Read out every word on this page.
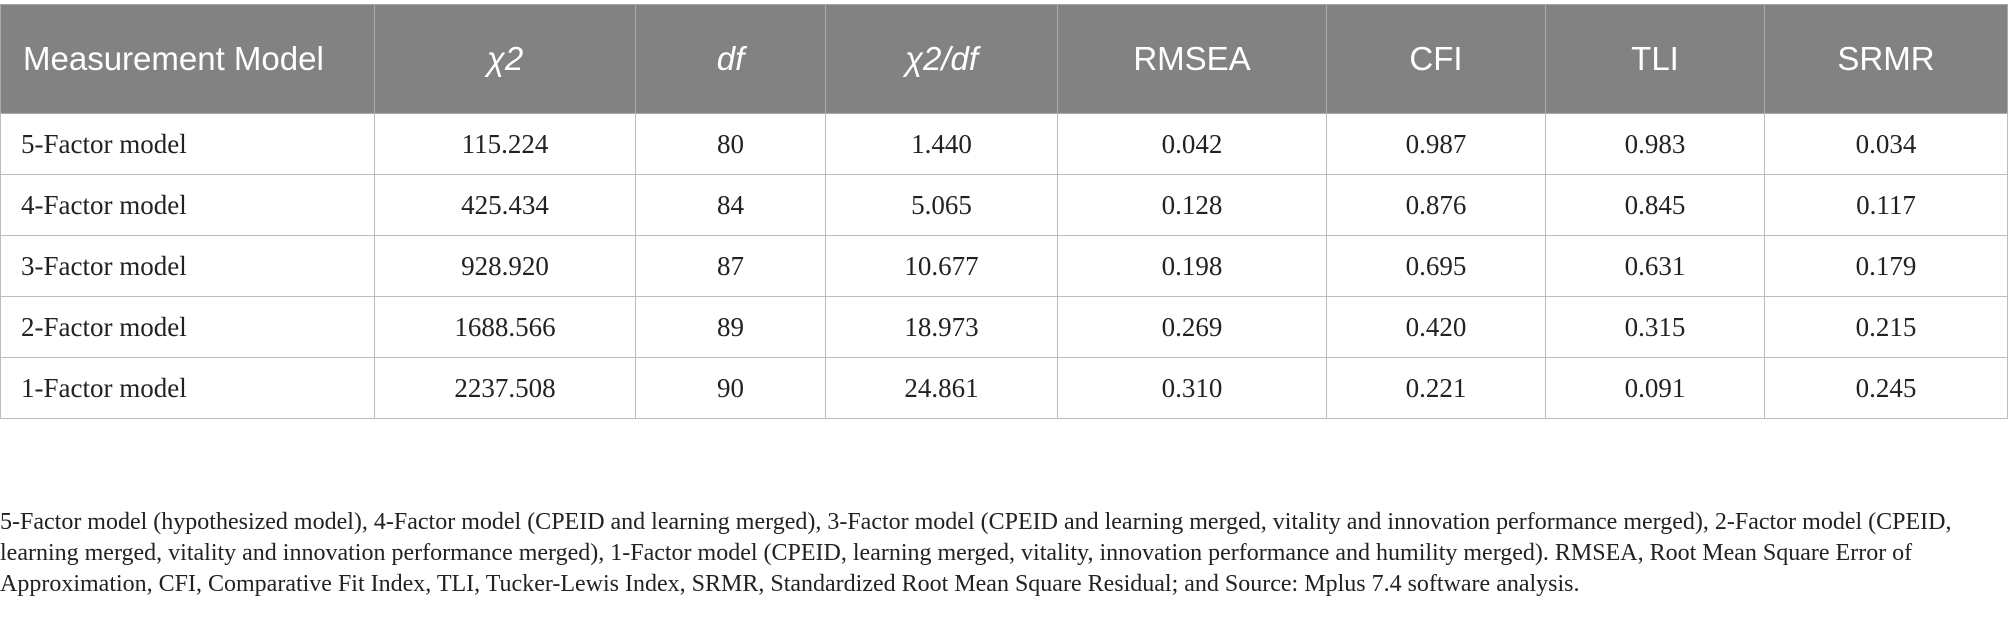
Measurement Model	χ2	df	χ2/df	RMSEA	CFI	TLI	SRMR
5-Factor model	115.224	80	1.440	0.042	0.987	0.983	0.034
4-Factor model	425.434	84	5.065	0.128	0.876	0.845	0.117
3-Factor model	928.920	87	10.677	0.198	0.695	0.631	0.179
2-Factor model	1688.566	89	18.973	0.269	0.420	0.315	0.215
1-Factor model	2237.508	90	24.861	0.310	0.221	0.091	0.245

5-Factor model (hypothesized model), 4-Factor model (CPEID and learning merged), 3-Factor model (CPEID and learning merged, vitality and innovation performance merged), 2-Factor model (CPEID, learning merged, vitality and innovation performance merged), 1-Factor model (CPEID, learning merged, vitality, innovation performance and humility merged). RMSEA, Root Mean Square Error of Approximation, CFI, Comparative Fit Index, TLI, Tucker-Lewis Index, SRMR, Standardized Root Mean Square Residual; and Source: Mplus 7.4 software analysis.
